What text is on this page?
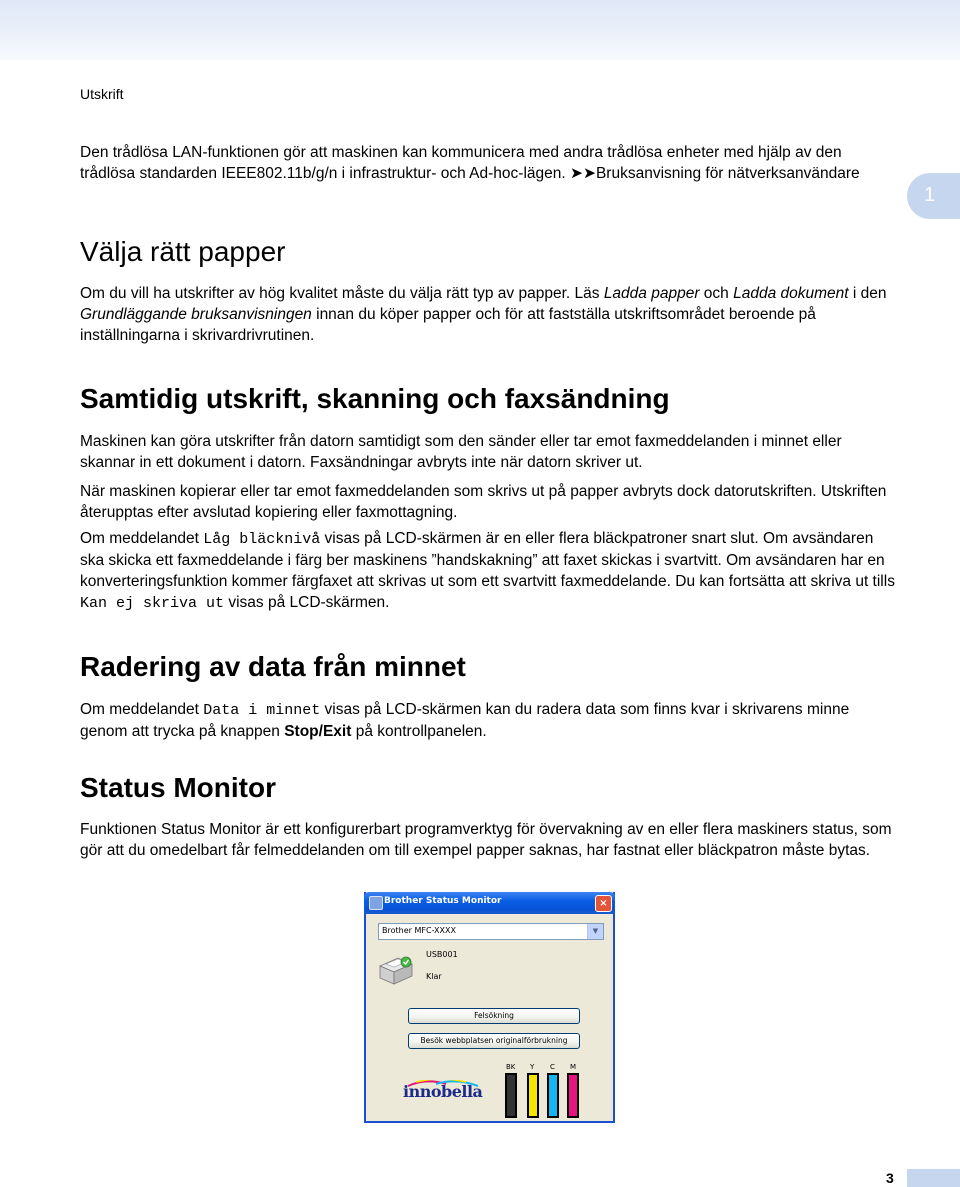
Utskrift
1

Den trådlösa LAN-funktionen gör att maskinen kan kommunicera med andra trådlösa enheter med hjälp av den trådlösa standarden IEEE802.11b/g/n i infrastruktur- och Ad-hoc-lägen. ➤➤Bruksanvisning för nätverksanvändare

Välja rätt papper

Om du vill ha utskrifter av hög kvalitet måste du välja rätt typ av papper. Läs Ladda papper och Ladda dokument i den Grundläggande bruksanvisningen innan du köper papper och för att fastställa utskriftsområdet beroende på inställningarna i skrivardrivrutinen.

Samtidig utskrift, skanning och faxsändning

Maskinen kan göra utskrifter från datorn samtidigt som den sänder eller tar emot faxmeddelanden i minnet eller skannar in ett dokument i datorn. Faxsändningar avbryts inte när datorn skriver ut.

När maskinen kopierar eller tar emot faxmeddelanden som skrivs ut på papper avbryts dock datorutskriften. Utskriften återupptas efter avslutad kopiering eller faxmottagning.

Om meddelandet Låg bläcknivå visas på LCD-skärmen är en eller flera bläckpatroner snart slut. Om avsändaren ska skicka ett faxmeddelande i färg ber maskinens ”handskakning” att faxet skickas i svartvitt. Om avsändaren har en konverteringsfunktion kommer färgfaxet att skrivas ut som ett svartvitt faxmeddelande. Du kan fortsätta att skriva ut tills Kan ej skriva ut visas på LCD-skärmen.

Radering av data från minnet

Om meddelandet Data i minnet visas på LCD-skärmen kan du radera data som finns kvar i skrivarens minne genom att trycka på knappen Stop/Exit på kontrollpanelen.

Status Monitor

Funktionen Status Monitor är ett konfigurerbart programverktyg för övervakning av en eller flera maskiners status, som gör att du omedelbart får felmeddelanden om till exempel papper saknas, har fastnat eller bläckpatron måste bytas.

Brother Status Monitor	×
Brother MFC-XXXX	▼
USB001
Klar
Felsökning
Besök webbplatsen originalförbrukning
innobella
BK Y C M
3
